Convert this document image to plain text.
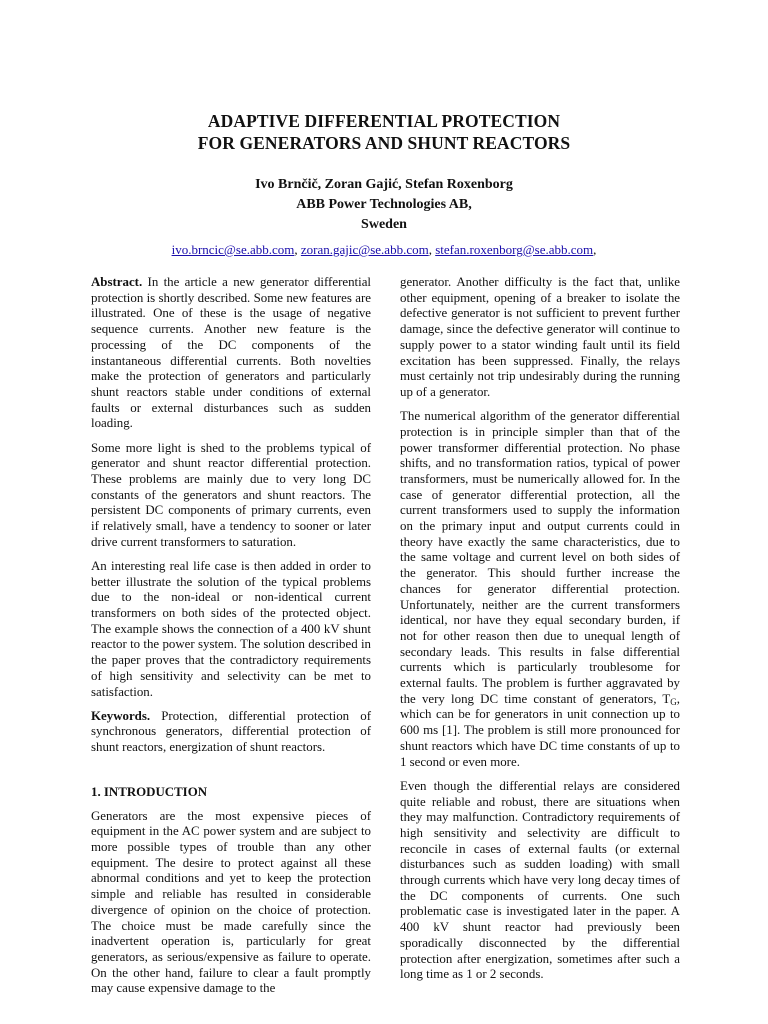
ADAPTIVE DIFFERENTIAL PROTECTION
FOR GENERATORS AND SHUNT REACTORS
Ivo Brnčič, Zoran Gajić, Stefan Roxenborg
ABB Power Technologies AB,
Sweden
ivo.brncic@se.abb.com, zoran.gajic@se.abb.com, stefan.roxenborg@se.abb.com,

Abstract. In the article a new generator differential protection is shortly described. Some new features are illustrated. One of these is the usage of negative sequence currents. Another new feature is the processing of the DC components of the instantaneous differential currents. Both novelties make the protection of generators and particularly shunt reactors stable under conditions of external faults or external disturbances such as sudden loading.

Some more light is shed to the problems typical of generator and shunt reactor differential protection. These problems are mainly due to very long DC constants of the generators and shunt reactors. The persistent DC components of primary currents, even if relatively small, have a tendency to sooner or later drive current transformers to saturation.

An interesting real life case is then added in order to better illustrate the solution of the typical problems due to the non-ideal or non-identical current transformers on both sides of the protected object. The example shows the connection of a 400 kV shunt reactor to the power system. The solution described in the paper proves that the contradictory requirements of high sensitivity and selectivity can be met to satisfaction.

Keywords. Protection, differential protection of synchronous generators, differential protection of shunt reactors, energization of shunt reactors.

1. INTRODUCTION

Generators are the most expensive pieces of equipment in the AC power system and are subject to more possible types of trouble than any other equipment. The desire to protect against all these abnormal conditions and yet to keep the protection simple and reliable has resulted in considerable divergence of opinion on the choice of protection. The choice must be made carefully since the inadvertent operation is, particularly for great generators, as serious/expensive as failure to operate. On the other hand, failure to clear a fault promptly may cause expensive damage to the

generator. Another difficulty is the fact that, unlike other equipment, opening of a breaker to isolate the defective generator is not sufficient to prevent further damage, since the defective generator will continue to supply power to a stator winding fault until its field excitation has been suppressed. Finally, the relays must certainly not trip undesirably during the running up of a generator.

The numerical algorithm of the generator differential protection is in principle simpler than that of the power transformer differential protection. No phase shifts, and no transformation ratios, typical of power transformers, must be numerically allowed for. In the case of generator differential protection, all the current transformers used to supply the information on the primary input and output currents could in theory have exactly the same characteristics, due to the same voltage and current level on both sides of the generator. This should further increase the chances for generator differential protection. Unfortunately, neither are the current transformers identical, nor have they equal secondary burden, if not for other reason then due to unequal length of secondary leads. This results in false differential currents which is particularly troublesome for external faults. The problem is further aggravated by the very long DC time constant of generators, $T_G$, which can be for generators in unit connection up to 600 ms [1]. The problem is still more pronounced for shunt reactors which have DC time constants of up to 1 second or even more.

Even though the differential relays are considered quite reliable and robust, there are situations when they may malfunction. Contradictory requirements of high sensitivity and selectivity are difficult to reconcile in cases of external faults (or external disturbances such as sudden loading) with small through currents which have very long decay times of the DC components of currents. One such problematic case is investigated later in the paper. A 400 kV shunt reactor had previously been sporadically disconnected by the differential protection after energization, sometimes after such a long time as 1 or 2 seconds.
